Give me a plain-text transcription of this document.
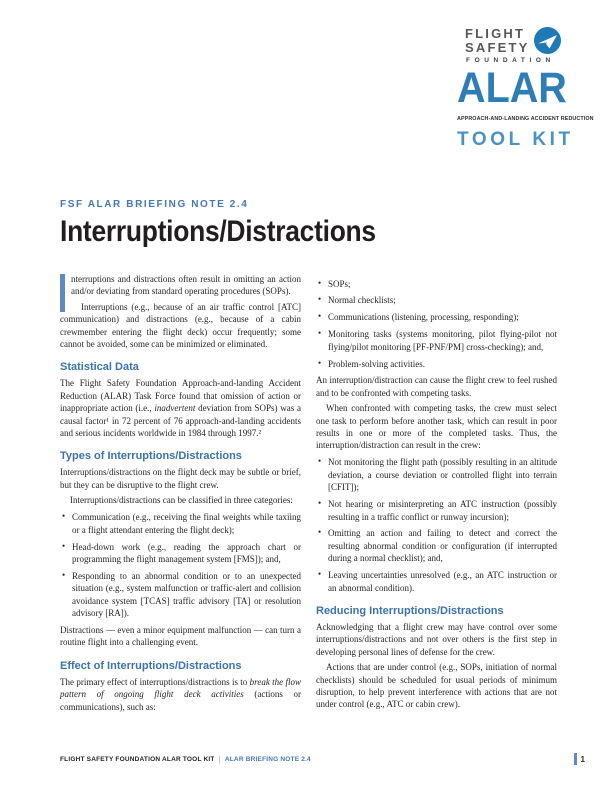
FLIGHT
SAFETY
FOUNDATION
ALAR
APPROACH-AND-LANDING ACCIDENT REDUCTION
TOOL KIT
FSF ALAR BRIEFING NOTE 2.4
Interruptions/Distractions
nterruptions and distractions often result in omitting an action and/or deviating from standard operating procedures (SOPs).
Interruptions (e.g., because of an air traffic control [ATC] communication) and distractions (e.g., because of a cabin crewmember entering the flight deck) occur frequently; some cannot be avoided, some can be minimized or eliminated.
Statistical Data
The Flight Safety Foundation Approach-and-landing Accident Reduction (ALAR) Task Force found that omission of action or inappropriate action (i.e., inadvertent deviation from SOPs) was a causal factor¹ in 72 percent of 76 approach-and-landing accidents and serious incidents worldwide in 1984 through 1997.²
Types of Interruptions/Distractions
Interruptions/distractions on the flight deck may be subtle or brief, but they can be disruptive to the flight crew.
Interruptions/distractions can be classified in three categories:
• Communication (e.g., receiving the final weights while taxiing or a flight attendant entering the flight deck);
• Head-down work (e.g., reading the approach chart or programming the flight management system [FMS]); and,
• Responding to an abnormal condition or to an unexpected situation (e.g., system malfunction or traffic-alert and collision avoidance system [TCAS] traffic advisory [TA] or resolution advisory [RA]).
Distractions — even a minor equipment malfunction — can turn a routine flight into a challenging event.
Effect of Interruptions/Distractions
The primary effect of interruptions/distractions is to break the flow pattern of ongoing flight deck activities (actions or communications), such as:
• SOPs;
• Normal checklists;
• Communications (listening, processing, responding);
• Monitoring tasks (systems monitoring, pilot flying-pilot not flying/pilot monitoring [PF-PNF/PM] cross-checking); and,
• Problem-solving activities.
An interruption/distraction can cause the flight crew to feel rushed and to be confronted with competing tasks.
When confronted with competing tasks, the crew must select one task to perform before another task, which can result in poor results in one or more of the completed tasks. Thus, the interruption/distraction can result in the crew:
• Not monitoring the flight path (possibly resulting in an altitude deviation, a course deviation or controlled flight into terrain [CFIT]);
• Not hearing or misinterpreting an ATC instruction (possibly resulting in a traffic conflict or runway incursion);
• Omitting an action and failing to detect and correct the resulting abnormal condition or configuration (if interrupted during a normal checklist); and,
• Leaving uncertainties unresolved (e.g., an ATC instruction or an abnormal condition).
Reducing Interruptions/Distractions
Acknowledging that a flight crew may have control over some interruptions/distractions and not over others is the first step in developing personal lines of defense for the crew.
Actions that are under control (e.g., SOPs, initiation of normal checklists) should be scheduled for usual periods of minimum disruption, to help prevent interference with actions that are not under control (e.g., ATC or cabin crew).
FLIGHT SAFETY FOUNDATION ALAR TOOL KIT | ALAR BRIEFING NOTE 2.4	1
